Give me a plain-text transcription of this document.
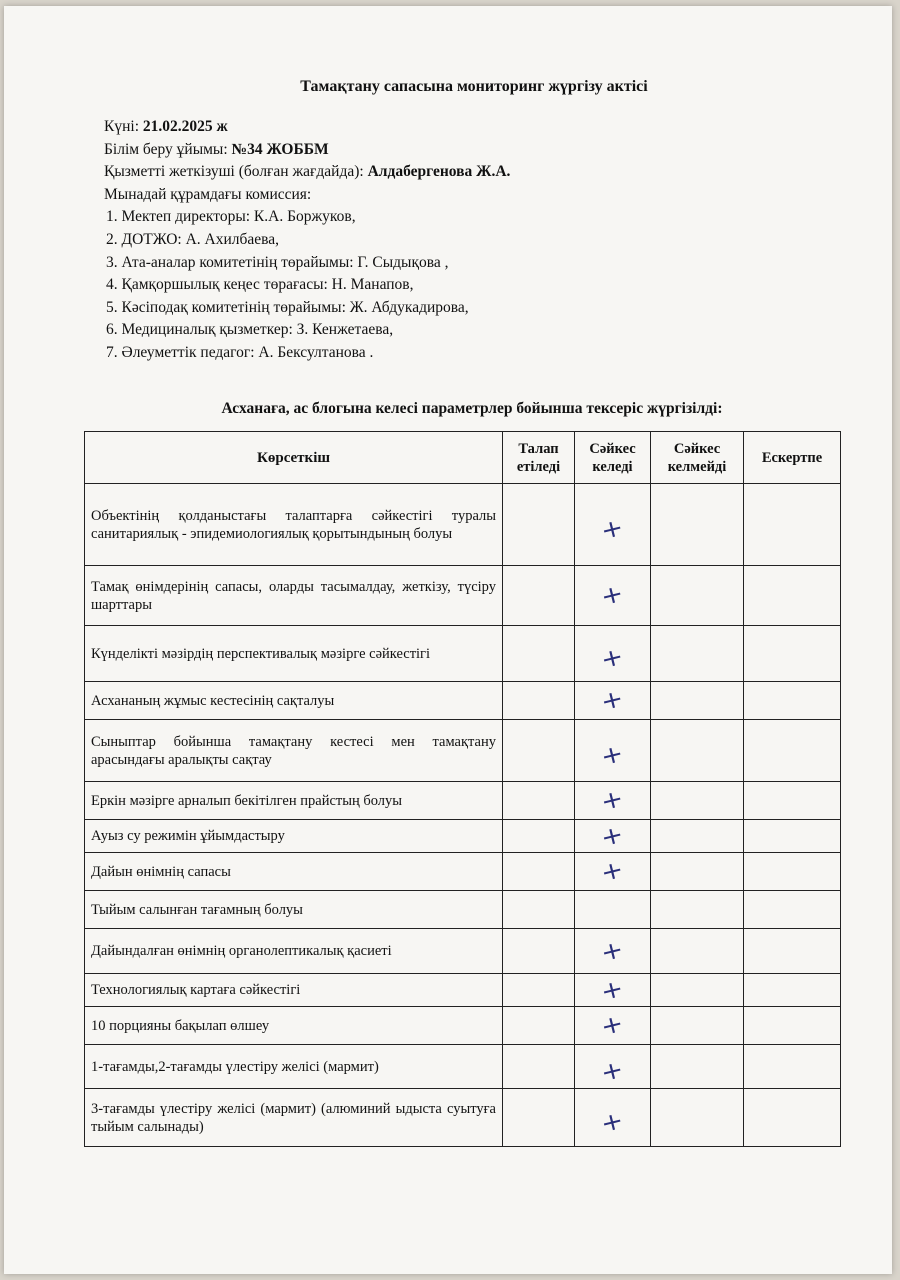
Тамақтану сапасына мониторинг жүргізу актісі
Күні: 21.02.2025 ж
Білім беру ұйымы: №34 ЖОББМ
Қызметті жеткізуші (болған жағдайда): Алдабергенова Ж.А.
Мынадай құрамдағы комиссия:
1. Мектеп директоры: К.А. Боржуков,
2. ДОТЖО: А. Ахилбаева,
3. Ата-аналар комитетінің төрайымы: Г. Сыдықова ,
4. Қамқоршылық кеңес төрағасы: Н. Манапов,
5. Кәсіподақ комитетінің төрайымы: Ж. Абдукадирова,
6. Медициналық қызметкер: З. Кенжетаева,
7. Әлеуметтік педагог: А. Бексултанова .
Асханаға, ас блогына келесі параметрлер бойынша тексеріс жүргізілді:
Көрсеткіш	Талап етіледі	Сәйкес келеді	Сәйкес келмейді	Ескертпе
Объектінің қолданыстағы талаптарға сәйкестігі туралы санитариялық - эпидемиологиялық қорытындының болуы		+		
Тамақ өнімдерінің сапасы, оларды тасымалдау, жеткізу, түсіру шарттары		+		
Күнделікті мәзірдің перспективалық мәзірге сәйкестігі		+		
Асхананың жұмыс кестесінің сақталуы		+		
Сыныптар бойынша тамақтану кестесі мен тамақтану арасындағы аралықты сақтау		+		
Еркін мәзірге арналып бекітілген прайстың болуы		+		
Ауыз су режимін ұйымдастыру		+		
Дайын өнімнің сапасы		+		
Тыйым салынған тағамның болуы				
Дайындалған өнімнің органолептикалық қасиеті		+		
Технологиялық картаға сәйкестігі		+		
10 порцияны бақылап өлшеу		+		
1-тағамды,2-тағамды үлестіру желісі (мармит)		+		
3-тағамды үлестіру желісі (мармит) (алюминий ыдыста суытуға тыйым салынады)		+		
